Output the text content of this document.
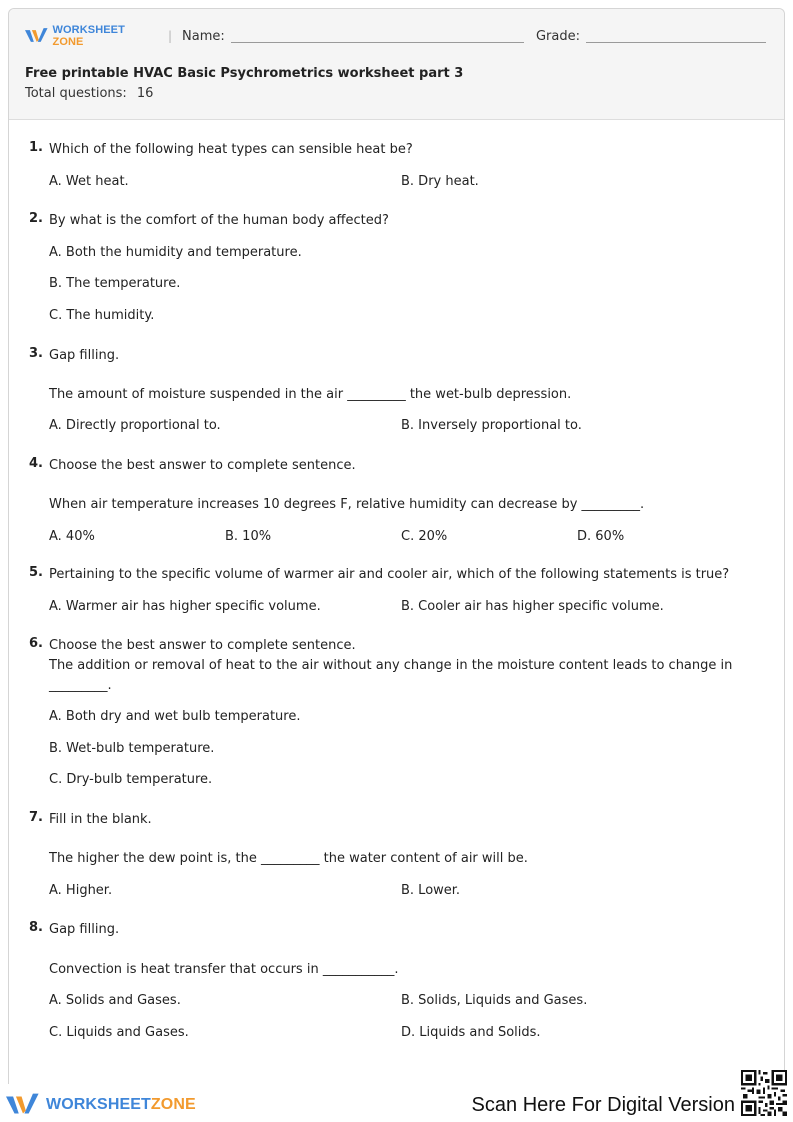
WORKSHEET ZONE	| Name:	Grade:
Free printable HVAC Basic Psychrometrics worksheet part 3
Total questions: 16
1. Which of the following heat types can sensible heat be?
A. Wet heat.	B. Dry heat.
2. By what is the comfort of the human body affected?
A. Both the humidity and temperature.
B. The temperature.
C. The humidity.
3. Gap filling.
The amount of moisture suspended in the air _________ the wet-bulb depression.
A. Directly proportional to.	B. Inversely proportional to.
4. Choose the best answer to complete sentence.
When air temperature increases 10 degrees F, relative humidity can decrease by _________.
A. 40%	B. 10%	C. 20%	D. 60%
5. Pertaining to the specific volume of warmer air and cooler air, which of the following statements is true?
A. Warmer air has higher specific volume.	B. Cooler air has higher specific volume.
6. Choose the best answer to complete sentence.
The addition or removal of heat to the air without any change in the moisture content leads to change in _________.
A. Both dry and wet bulb temperature.
B. Wet-bulb temperature.
C. Dry-bulb temperature.
7. Fill in the blank.
The higher the dew point is, the _________ the water content of air will be.
A. Higher.	B. Lower.
8. Gap filling.
Convection is heat transfer that occurs in ___________.
A. Solids and Gases.	B. Solids, Liquids and Gases.
C. Liquids and Gases.	D. Liquids and Solids.
WORKSHEETZONE	Scan Here For Digital Version
